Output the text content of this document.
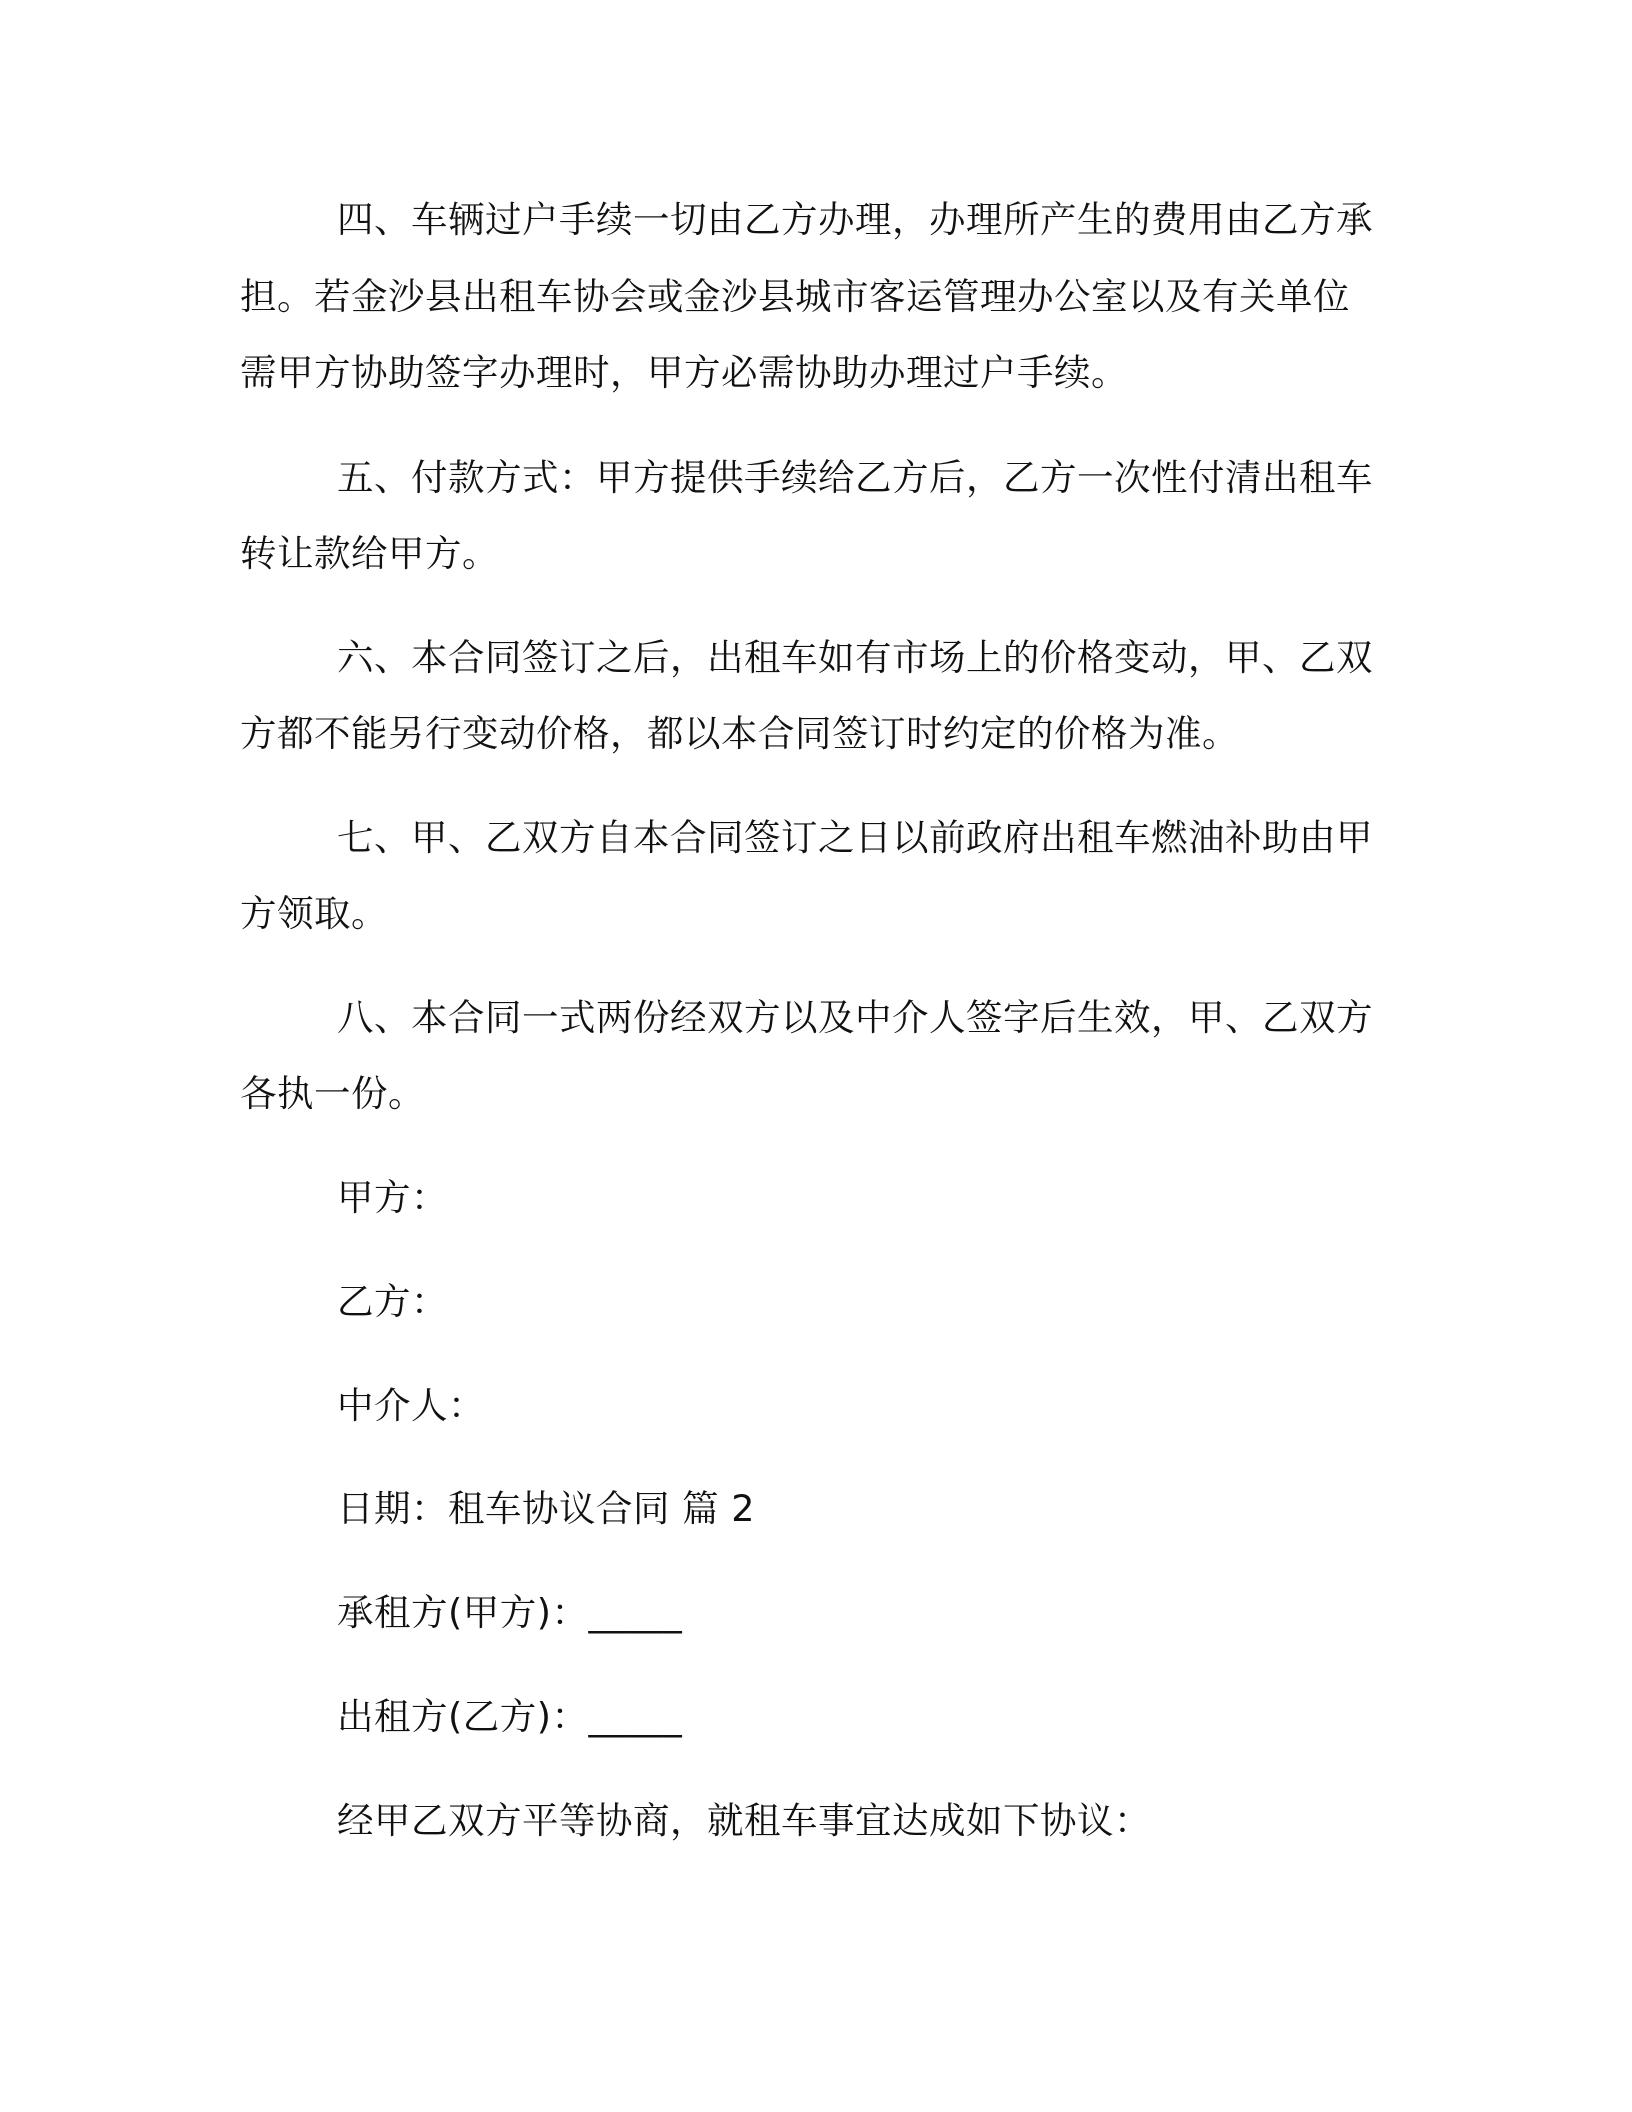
四、车辆过户手续一切由乙方办理，办理所产生的费用由乙方承
担。若金沙县出租车协会或金沙县城市客运管理办公室以及有关单位
需甲方协助签字办理时，甲方必需协助办理过户手续。
五、付款方式：甲方提供手续给乙方后，乙方一次性付清出租车
转让款给甲方。
六、本合同签订之后，出租车如有市场上的价格变动，甲、乙双
方都不能另行变动价格，都以本合同签订时约定的价格为准。
七、甲、乙双方自本合同签订之日以前政府出租车燃油补助由甲
方领取。
八、本合同一式两份经双方以及中介人签字后生效，甲、乙双方
各执一份。
甲方：
乙方：
中介人：
日期：租车协议合同 篇 2
承租方(甲方)：_____
出租方(乙方)：_____
经甲乙双方平等协商，就租车事宜达成如下协议：
